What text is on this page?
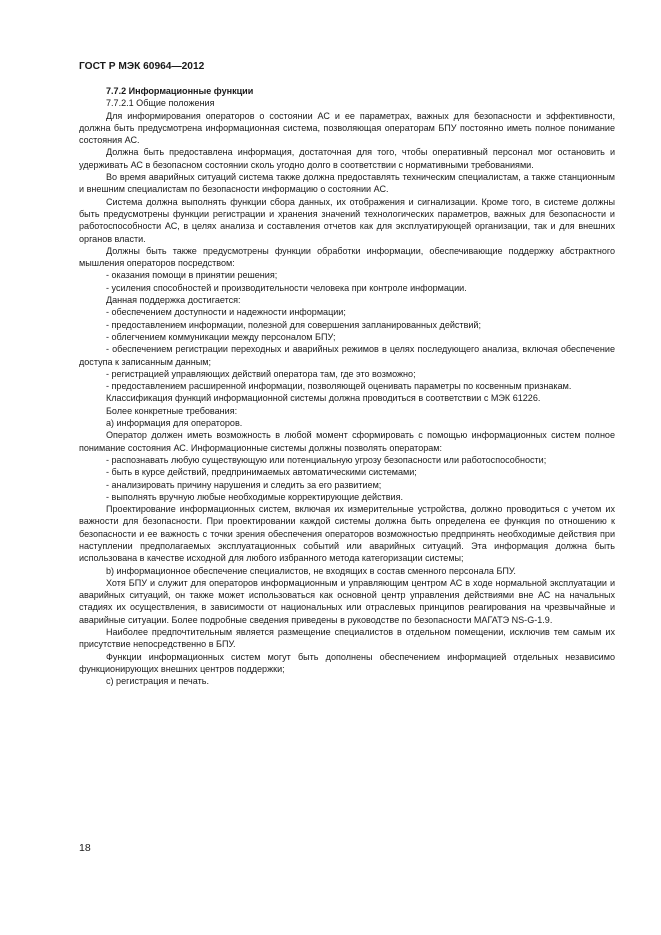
ГОСТ Р МЭК 60964—2012

7.7.2 Информационные функции

7.7.2.1 Общие положения

Для информирования операторов о состоянии АС и ее параметрах, важных для безопасности и эффективности, должна быть предусмотрена информационная система, позволяющая операторам БПУ постоянно иметь полное понимание состояния АС.

Должна быть предоставлена информация, достаточная для того, чтобы оперативный персонал мог остановить и удерживать АС в безопасном состоянии сколь угодно долго в соответствии с нормативными требованиями.

Во время аварийных ситуаций система также должна предоставлять техническим специалистам, а также станционным и внешним специалистам по безопасности информацию о состоянии АС.

Система должна выполнять функции сбора данных, их отображения и сигнализации. Кроме того, в системе должны быть предусмотрены функции регистрации и хранения значений технологических параметров, важных для безопасности и работоспособности АС, в целях анализа и составления отчетов как для эксплуатирующей организации, так и для внешних органов власти.

Должны быть также предусмотрены функции обработки информации, обеспечивающие поддержку абстрактного мышления операторов посредством:

- оказания помощи в принятии решения;

- усиления способностей и производительности человека при контроле информации.

Данная поддержка достигается:

- обеспечением доступности и надежности информации;

- предоставлением информации, полезной для совершения запланированных действий;

- облегчением коммуникации между персоналом БПУ;

- обеспечением регистрации переходных и аварийных режимов в целях последующего анализа, включая обеспечение доступа к записанным данным;

- регистрацией управляющих действий оператора там, где это возможно;

- предоставлением расширенной информации, позволяющей оценивать параметры по косвенным признакам.

Классификация функций информационной системы должна проводиться в соответствии с МЭК 61226.

Более конкретные требования:

а) информация для операторов.

Оператор должен иметь возможность в любой момент сформировать с помощью информационных систем полное понимание состояния АС. Информационные системы должны позволять операторам:

- распознавать любую существующую или потенциальную угрозу безопасности или работоспособности;

- быть в курсе действий, предпринимаемых автоматическими системами;

- анализировать причину нарушения и следить за его развитием;

- выполнять вручную любые необходимые корректирующие действия.

Проектирование информационных систем, включая их измерительные устройства, должно проводиться с учетом их важности для безопасности. При проектировании каждой системы должна быть определена ее функция по отношению к безопасности и ее важность с точки зрения обеспечения операторов возможностью предпринять необходимые действия при наступлении предполагаемых эксплуатационных событий или аварийных ситуаций. Эта информация должна быть использована в качестве исходной для любого избранного метода категоризации системы;

b) информационное обеспечение специалистов, не входящих в состав сменного персонала БПУ.

Хотя БПУ и служит для операторов информационным и управляющим центром АС в ходе нормальной эксплуатации и аварийных ситуаций, он также может использоваться как основной центр управления действиями вне АС на начальных стадиях их осуществления, в зависимости от национальных или отраслевых принципов реагирования на чрезвычайные и аварийные ситуации. Более подробные сведения приведены в руководстве по безопасности МАГАТЭ NS-G-1.9.

Наиболее предпочтительным является размещение специалистов в отдельном помещении, исключив тем самым их присутствие непосредственно в БПУ.

Функции информационных систем могут быть дополнены обеспечением информацией отдельных независимо функционирующих внешних центров поддержки;

с) регистрация и печать.

18
